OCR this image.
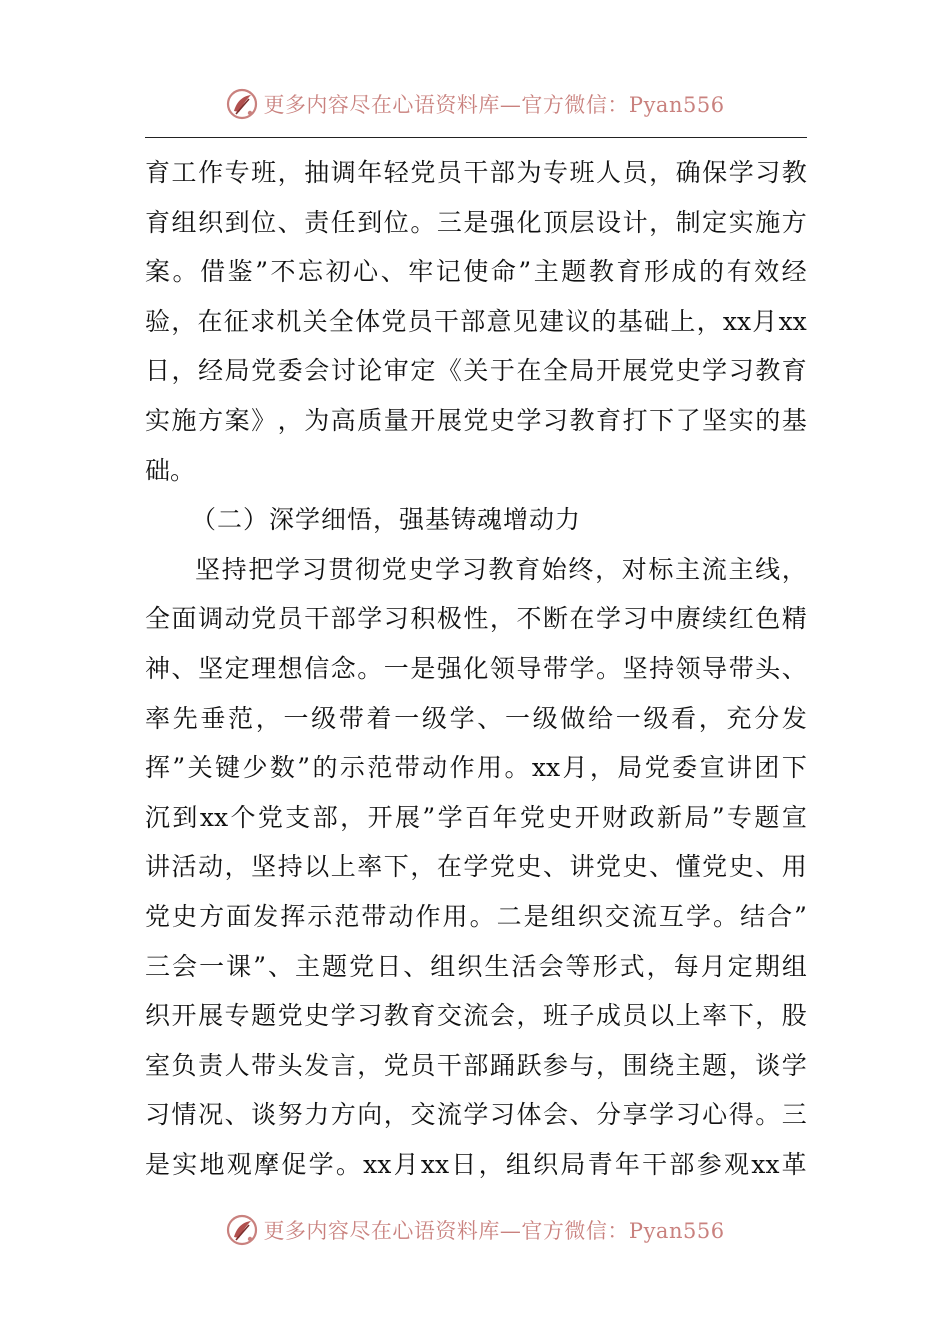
更多内容尽在心语资料库—官方微信：Pyan556
育 工 作 专 班 ， 抽 调 年 轻 党 员 干 部 为 专 班 人 员 ， 确 保 学 习 教
育 组 织 到 位 、 责 任 到 位 。 三 是 强 化 顶 层 设 计 ， 制 定 实 施 方
案 。 借 鉴 ” 不 忘 初 心 、 牢 记 使 命 ” 主 题 教 育 形 成 的 有 效 经
验 ， 在 征 求 机 关 全 体 党 员 干 部 意 见 建 议 的 基 础 上 ， xx 月 xx
日 ， 经 局 党 委 会 讨 论 审 定 《 关 于 在 全 局 开 展 党 史 学 习 教 育
实 施 方 案 》 ， 为 高 质 量 开 展 党 史 学 习 教 育 打 下 了 坚 实 的 基
础。
（二）深学细悟，强基铸魂增动力
坚 持 把 学 习 贯 彻 党 史 学 习 教 育 始 终 ， 对 标 主 流 主 线 ，
全 面 调 动 党 员 干 部 学 习 积 极 性 ， 不 断 在 学 习 中 赓 续 红 色 精
神 、 坚 定 理 想 信 念 。 一 是 强 化 领 导 带 学 。 坚 持 领 导 带 头 、
率 先 垂 范 ， 一 级 带 着 一 级 学 、 一 级 做 给 一 级 看 ， 充 分 发
挥 ” 关 键 少 数 ” 的 示 范 带 动 作 用 。 xx 月 ， 局 党 委 宣 讲 团 下
沉 到 xx 个 党 支 部 ， 开 展 ” 学 百 年 党 史 开 财 政 新 局 ” 专 题 宣
讲 活 动 ， 坚 持 以 上 率 下 ， 在 学 党 史 、 讲 党 史 、 懂 党 史 、 用
党 史 方 面 发 挥 示 范 带 动 作 用 。 二 是 组 织 交 流 互 学 。 结 合 ”
三 会 一 课 ” 、 主 题 党 日 、 组 织 生 活 会 等 形 式 ， 每 月 定 期 组
织 开 展 专 题 党 史 学 习 教 育 交 流 会 ， 班 子 成 员 以 上 率 下 ， 股
室 负 责 人 带 头 发 言 ， 党 员 干 部 踊 跃 参 与 ， 围 绕 主 题 ， 谈 学
习 情 况 、 谈 努 力 方 向 ， 交 流 学 习 体 会 、 分 享 学 习 心 得 。 三
是 实 地 观 摩 促 学 。 xx 月 xx 日 ， 组 织 局 青 年 干 部 参 观 xx 革
更多内容尽在心语资料库—官方微信：Pyan556
